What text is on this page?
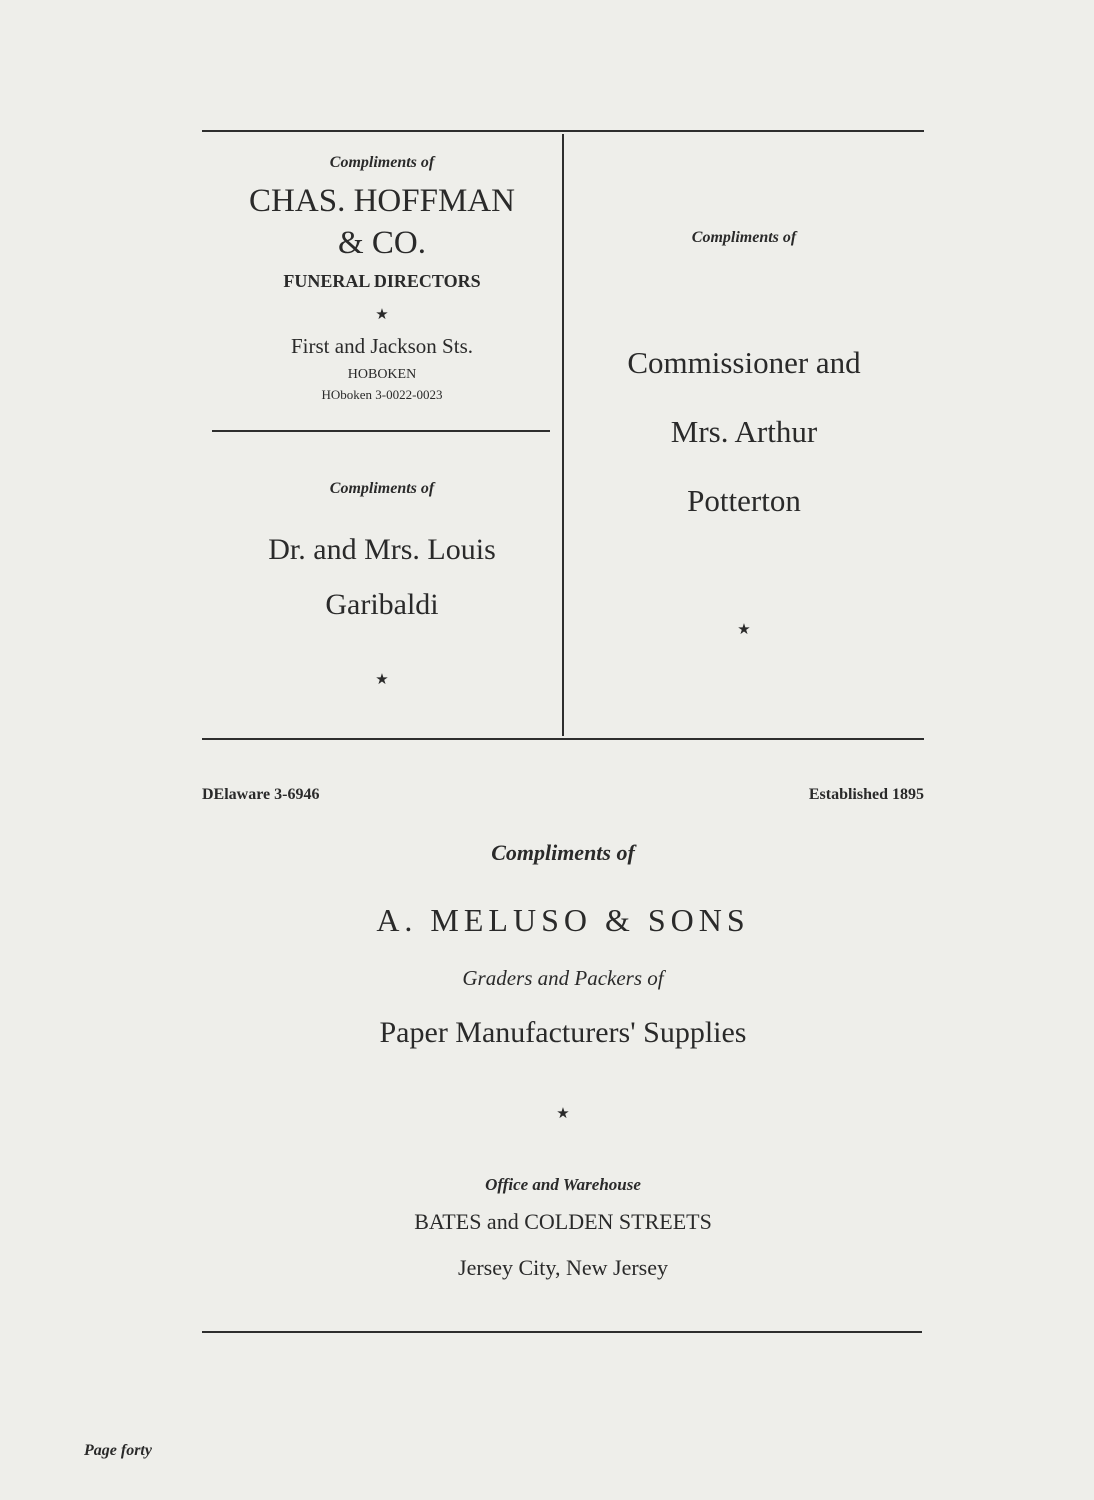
Compliments of
CHAS. HOFFMAN
& CO.
FUNERAL DIRECTORS
★
First and Jackson Sts.
HOBOKEN
HOboken 3-0022-0023
Compliments of
Dr. and Mrs. Louis
Garibaldi
★
Compliments of
Commissioner and
Mrs. Arthur
Potterton
★
DElaware 3-6946	Established 1895
Compliments of
A. MELUSO & SONS
Graders and Packers of
Paper Manufacturers' Supplies
★
Office and Warehouse
BATES and COLDEN STREETS
Jersey City, New Jersey
Page forty
